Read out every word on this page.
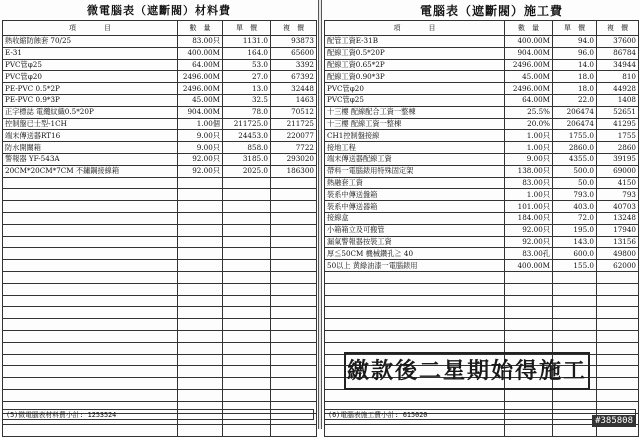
微電腦表（遮斷閥）材料費
項　　　　目	數　量	單　價	複　價
熱收縮防蝕套 70/25	83.00只	1131.0	93873
E-31	400.00M	164.0	65600
PVC管φ25	64.00M	53.0	3392
PVC管φ20	2496.00M	27.0	67392
PE-PVC 0.5*2P	2496.00M	13.0	32448
PE-PVC 0.9*3P	45.00M	32.5	1463
正字標誌 電纜紋織0.5*20P	904.00M	78.0	70512
控制盤已士型-1CH	1.00個	211725.0	211725
端末傳送器RT16	9.00只	24453.0	220077
防水開關箱	9.00只	858.0	7722
警報器 YF-543A	92.00只	3185.0	293020
20CM*20CM*7CM 不鏽鋼接線箱	92.00只	2025.0	186300

(5)微電腦表材料費小計: 1253524
電腦表（遮斷閥）施工費
項　　　　目	數　量	單　價	複　價
配管工資E-31B	400.00M	94.0	37600
配線工資0.5*20P	904.00M	96.0	86784
配線工資0.65*2P	2496.00M	14.0	34944
配線工資0.90*3P	45.00M	18.0	810
PVC管φ20	2496.00M	18.0	44928
PVC管φ25	64.00M	22.0	1408
十三樓 配線配合工資一整棟	25.5%	206474	52651
十三樓 配線工資一整棟	20.0%	206474	41295
CH1控制盤接線	1.00只	1755.0	1755
接地工程	1.00只	2860.0	2860
端末傳送器配線工資	9.00只	4355.0	39195
帶料一電腦錶用特殊固定架	138.00只	500.0	69000
熱融套工資	83.00只	50.0	4150
裝系中傳送盤箱	1.00只	793.0	793
裝系中傳送器箱	101.00只	403.0	40703
接線盒	184.00只	72.0	13248
小箱箱立及可搬管	92.00只	195.0	17940
漏氣警報器按裝工資	92.00只	143.0	13156
厚≦50CM 機械鑽孔≧ 40	83.00孔	600.0	49800
50以上 黄綠油漆一電腦錶用	400.00M	155.0	62000

(6)電腦表施工費小計: 615020
繳款後二星期始得施工
#385808
